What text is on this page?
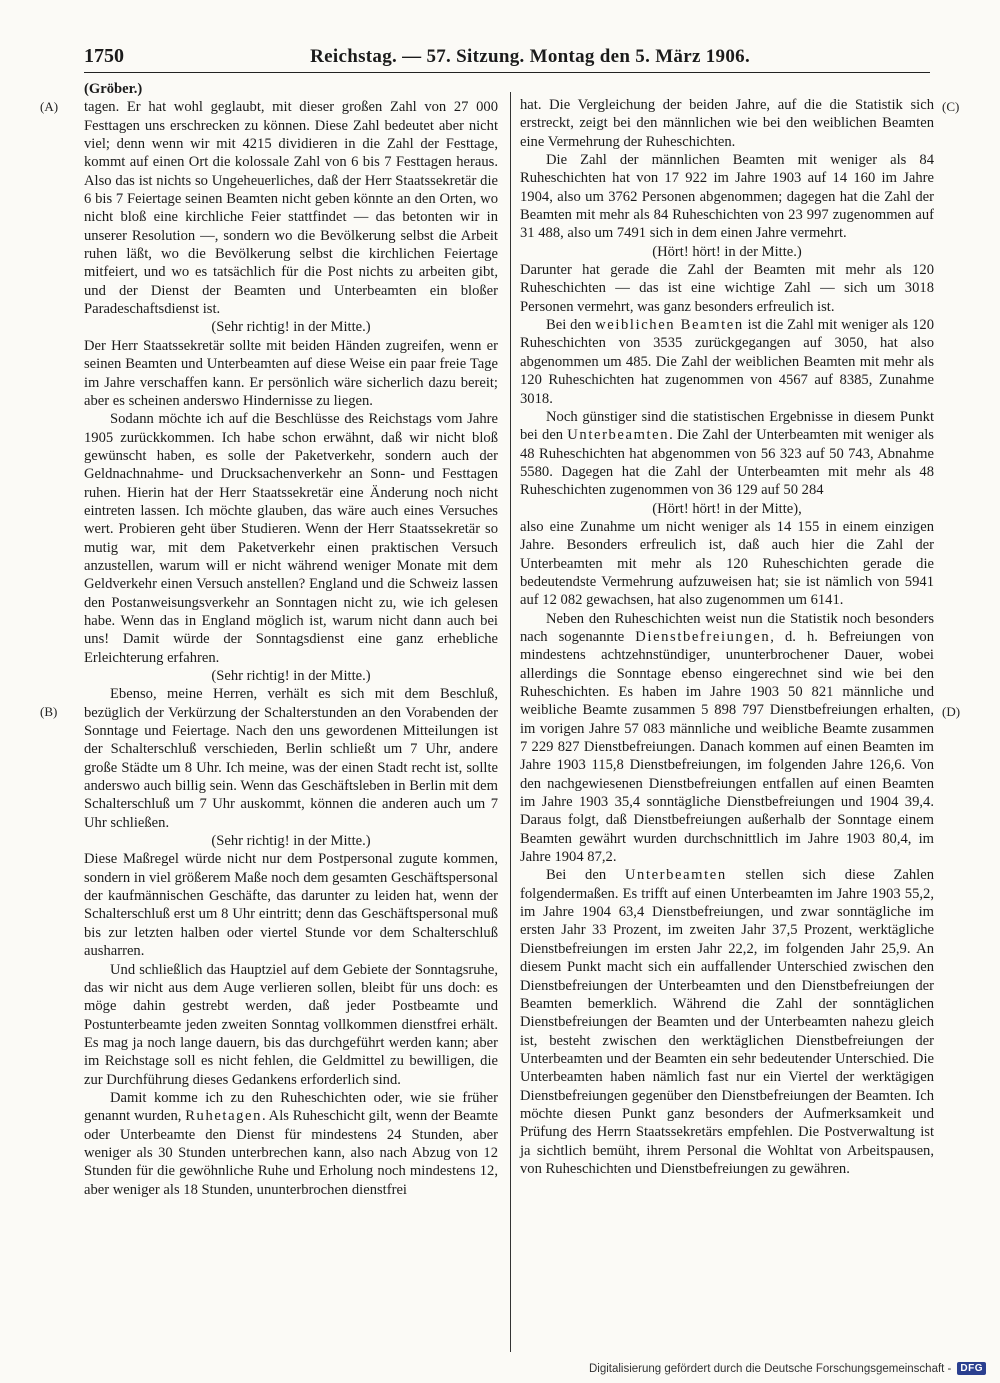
1750	Reichstag. — 57. Sitzung. Montag den 5. März 1906.
(A)
(B)
(C)
(D)

(Gröber.)

tagen. Er hat wohl geglaubt, mit dieser großen Zahl von 27 000 Festtagen uns erschrecken zu können. Diese Zahl bedeutet aber nicht viel; denn wenn wir mit 4215 dividieren in die Zahl der Festtage, kommt auf einen Ort die kolossale Zahl von 6 bis 7 Festtagen heraus. Also das ist nichts so Ungeheuerliches, daß der Herr Staatssekretär die 6 bis 7 Feiertage seinen Beamten nicht geben könnte an den Orten, wo nicht bloß eine kirchliche Feier stattfindet — das betonten wir in unserer Resolution —, sondern wo die Bevölkerung selbst die Arbeit ruhen läßt, wo die Bevölkerung selbst die kirchlichen Feiertage mitfeiert, und wo es tatsächlich für die Post nichts zu arbeiten gibt, und der Dienst der Beamten und Unterbeamten ein bloßer Paradeschaftsdienst ist.

(Sehr richtig! in der Mitte.)

Der Herr Staatssekretär sollte mit beiden Händen zugreifen, wenn er seinen Beamten und Unterbeamten auf diese Weise ein paar freie Tage im Jahre verschaffen kann. Er persönlich wäre sicherlich dazu bereit; aber es scheinen anderswo Hindernisse zu liegen.

Sodann möchte ich auf die Beschlüsse des Reichstags vom Jahre 1905 zurückkommen. Ich habe schon erwähnt, daß wir nicht bloß gewünscht haben, es solle der Paketverkehr, sondern auch der Geldnachnahme- und Drucksachenverkehr an Sonn- und Festtagen ruhen. Hierin hat der Herr Staatssekretär eine Änderung noch nicht eintreten lassen. Ich möchte glauben, das wäre auch eines Versuches wert. Probieren geht über Studieren. Wenn der Herr Staatssekretär so mutig war, mit dem Paketverkehr einen praktischen Versuch anzustellen, warum will er nicht während weniger Monate mit dem Geldverkehr einen Versuch anstellen? England und die Schweiz lassen den Postanweisungsverkehr an Sonntagen nicht zu, wie ich gelesen habe. Wenn das in England möglich ist, warum nicht dann auch bei uns! Damit würde der Sonntagsdienst eine ganz erhebliche Erleichterung erfahren.

(Sehr richtig! in der Mitte.)

Ebenso, meine Herren, verhält es sich mit dem Beschluß, bezüglich der Verkürzung der Schalterstunden an den Vorabenden der Sonntage und Feiertage. Nach den uns gewordenen Mitteilungen ist der Schalterschluß verschieden, Berlin schließt um 7 Uhr, andere große Städte um 8 Uhr. Ich meine, was der einen Stadt recht ist, sollte anderswo auch billig sein. Wenn das Geschäftsleben in Berlin mit dem Schalterschluß um 7 Uhr auskommt, können die anderen auch um 7 Uhr schließen.

(Sehr richtig! in der Mitte.)

Diese Maßregel würde nicht nur dem Postpersonal zugute kommen, sondern in viel größerem Maße noch dem gesamten Geschäftspersonal der kaufmännischen Geschäfte, das darunter zu leiden hat, wenn der Schalterschluß erst um 8 Uhr eintritt; denn das Geschäftspersonal muß bis zur letzten halben oder viertel Stunde vor dem Schalterschluß ausharren.

Und schließlich das Hauptziel auf dem Gebiete der Sonntagsruhe, das wir nicht aus dem Auge verlieren sollen, bleibt für uns doch: es möge dahin gestrebt werden, daß jeder Postbeamte und Postunterbeamte jeden zweiten Sonntag vollkommen dienstfrei erhält. Es mag ja noch lange dauern, bis das durchgeführt werden kann; aber im Reichstage soll es nicht fehlen, die Geldmittel zu bewilligen, die zur Durchführung dieses Gedankens erforderlich sind.

Damit komme ich zu den Ruheschichten oder, wie sie früher genannt wurden, Ruhetagen. Als Ruheschicht gilt, wenn der Beamte oder Unterbeamte den Dienst für mindestens 24 Stunden, aber weniger als 30 Stunden unterbrechen kann, also nach Abzug von 12 Stunden für die gewöhnliche Ruhe und Erholung noch mindestens 12, aber weniger als 18 Stunden, ununterbrochen dienstfrei

hat. Die Vergleichung der beiden Jahre, auf die die Statistik sich erstreckt, zeigt bei den männlichen wie bei den weiblichen Beamten eine Vermehrung der Ruheschichten.

Die Zahl der männlichen Beamten mit weniger als 84 Ruheschichten hat von 17 922 im Jahre 1903 auf 14 160 im Jahre 1904, also um 3762 Personen abgenommen; dagegen hat die Zahl der Beamten mit mehr als 84 Ruheschichten von 23 997 zugenommen auf 31 488, also um 7491 sich in dem einen Jahre vermehrt.

(Hört! hört! in der Mitte.)

Darunter hat gerade die Zahl der Beamten mit mehr als 120 Ruheschichten — das ist eine wichtige Zahl — sich um 3018 Personen vermehrt, was ganz besonders erfreulich ist.

Bei den weiblichen Beamten ist die Zahl mit weniger als 120 Ruheschichten von 3535 zurückgegangen auf 3050, hat also abgenommen um 485. Die Zahl der weiblichen Beamten mit mehr als 120 Ruheschichten hat zugenommen von 4567 auf 8385, Zunahme 3018.

Noch günstiger sind die statistischen Ergebnisse in diesem Punkt bei den Unterbeamten. Die Zahl der Unterbeamten mit weniger als 48 Ruheschichten hat abgenommen von 56 323 auf 50 743, Abnahme 5580. Dagegen hat die Zahl der Unterbeamten mit mehr als 48 Ruheschichten zugenommen von 36 129 auf 50 284

(Hört! hört! in der Mitte),

also eine Zunahme um nicht weniger als 14 155 in einem einzigen Jahre. Besonders erfreulich ist, daß auch hier die Zahl der Unterbeamten mit mehr als 120 Ruheschichten gerade die bedeutendste Vermehrung aufzuweisen hat; sie ist nämlich von 5941 auf 12 082 gewachsen, hat also zugenommen um 6141.

Neben den Ruheschichten weist nun die Statistik noch besonders nach sogenannte Dienstbefreiungen, d. h. Befreiungen von mindestens achtzehnstündiger, ununterbrochener Dauer, wobei allerdings die Sonntage ebenso eingerechnet sind wie bei den Ruheschichten. Es haben im Jahre 1903 50 821 männliche und weibliche Beamte zusammen 5 898 797 Dienstbefreiungen erhalten, im vorigen Jahre 57 083 männliche und weibliche Beamte zusammen 7 229 827 Dienstbefreiungen. Danach kommen auf einen Beamten im Jahre 1903 115,8 Dienstbefreiungen, im folgenden Jahre 126,6. Von den nachgewiesenen Dienstbefreiungen entfallen auf einen Beamten im Jahre 1903 35,4 sonntägliche Dienstbefreiungen und 1904 39,4. Daraus folgt, daß Dienstbefreiungen außerhalb der Sonntage einem Beamten gewährt wurden durchschnittlich im Jahre 1903 80,4, im Jahre 1904 87,2.

Bei den Unterbeamten stellen sich diese Zahlen folgendermaßen. Es trifft auf einen Unterbeamten im Jahre 1903 55,2, im Jahre 1904 63,4 Dienstbefreiungen, und zwar sonntägliche im ersten Jahr 33 Prozent, im zweiten Jahr 37,5 Prozent, werktägliche Dienstbefreiungen im ersten Jahr 22,2, im folgenden Jahr 25,9. An diesem Punkt macht sich ein auffallender Unterschied zwischen den Dienstbefreiungen der Unterbeamten und den Dienstbefreiungen der Beamten bemerklich. Während die Zahl der sonntäglichen Dienstbefreiungen der Beamten und der Unterbeamten nahezu gleich ist, besteht zwischen den werktäglichen Dienstbefreiungen der Unterbeamten und der Beamten ein sehr bedeutender Unterschied. Die Unterbeamten haben nämlich fast nur ein Viertel der werktägigen Dienstbefreiungen gegenüber den Dienstbefreiungen der Beamten. Ich möchte diesen Punkt ganz besonders der Aufmerksamkeit und Prüfung des Herrn Staatssekretärs empfehlen. Die Postverwaltung ist ja sichtlich bemüht, ihrem Personal die Wohltat von Arbeitspausen, von Ruheschichten und Dienstbefreiungen zu gewähren.

Digitalisierung gefördert durch die Deutsche Forschungsgemeinschaft - DFG
